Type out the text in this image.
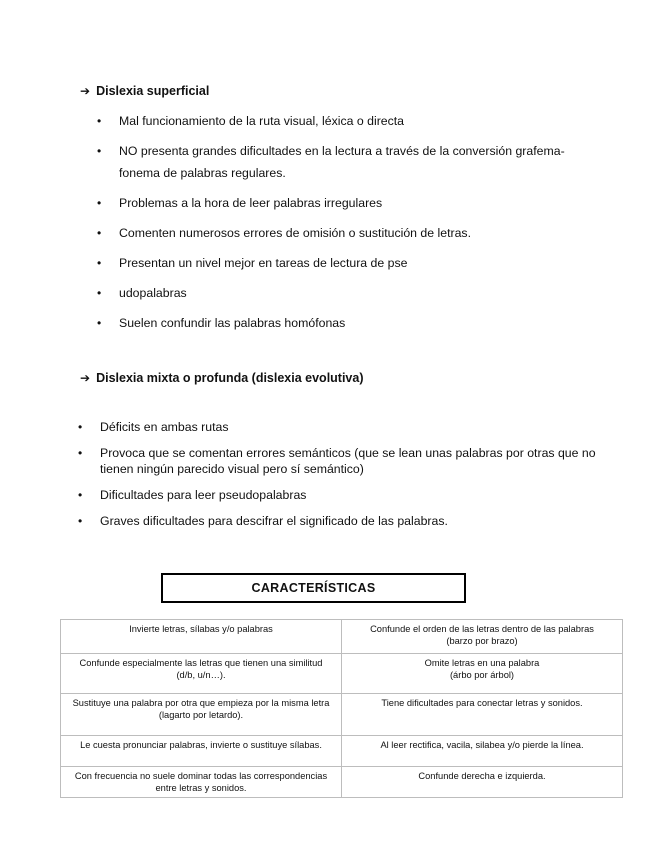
➔ Dislexia superficial
• Mal funcionamiento de la ruta visual, léxica o directa
• NO presenta grandes dificultades en la lectura a través de la conversión grafema-fonema de palabras regulares.
• Problemas a la hora de leer palabras irregulares
• Comenten numerosos errores de omisión o sustitución de letras.
• Presentan un nivel mejor en tareas de lectura de pse
• udopalabras
• Suelen confundir las palabras homófonas
➔ Dislexia mixta o profunda (dislexia evolutiva)
• Déficits en ambas rutas
• Provoca que se comentan errores semánticos (que se lean unas palabras por otras que no tienen ningún parecido visual pero sí semántico)
• Dificultades para leer pseudopalabras
• Graves dificultades para descifrar el significado de las palabras.
CARACTERÍSTICAS
Invierte letras, sílabas y/o palabras	Confunde el orden de las letras dentro de las palabras
(barzo por brazo)
Confunde especialmente las letras que tienen una similitud
(d/b, u/n…).	Omite letras en una palabra
(árbo por árbol)
Sustituye una palabra por otra que empieza por la misma letra
(lagarto por letardo).	Tiene dificultades para conectar letras y sonidos.
Le cuesta pronunciar palabras, invierte o sustituye sílabas.	Al leer rectifica, vacila, silabea y/o pierde la línea.
Con frecuencia no suele dominar todas las correspondencias entre letras y sonidos.	Confunde derecha e izquierda.
